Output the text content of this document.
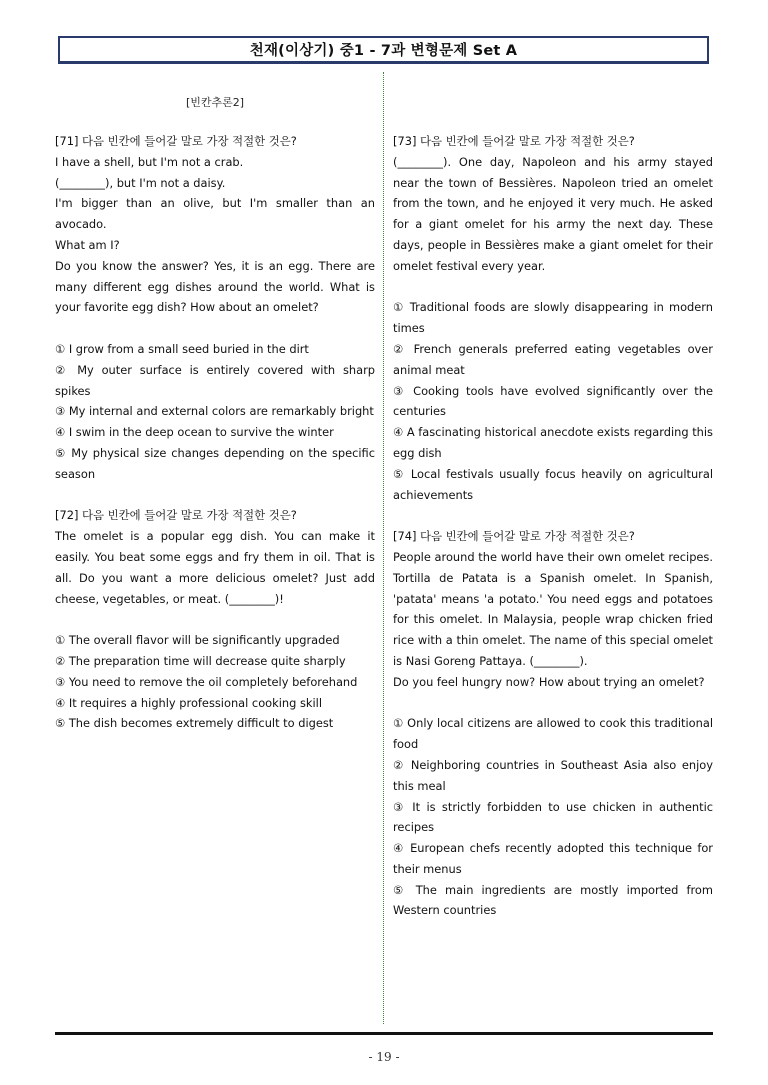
천재(이상기) 중1 - 7과 변형문제 Set A
[빈칸추론2]
[71] 다음 빈칸에 들어갈 말로 가장 적절한 것은?

I have a shell, but I'm not a crab.

(________), but I'm not a daisy.

I'm bigger than an olive, but I'm smaller than an avocado.

What am I?

Do you know the answer? Yes, it is an egg. There are many different egg dishes around the world. What is your favorite egg dish? How about an omelet?

① I grow from a small seed buried in the dirt
② My outer surface is entirely covered with sharp spikes
③ My internal and external colors are remarkably bright
④ I swim in the deep ocean to survive the winter
⑤ My physical size changes depending on the specific season
[72] 다음 빈칸에 들어갈 말로 가장 적절한 것은?

The omelet is a popular egg dish. You can make it easily. You beat some eggs and fry them in oil. That is all. Do you want a more delicious omelet? Just add cheese, vegetables, or meat. (________)!

① The overall flavor will be significantly upgraded
② The preparation time will decrease quite sharply
③ You need to remove the oil completely beforehand
④ It requires a highly professional cooking skill
⑤ The dish becomes extremely difficult to digest
[73] 다음 빈칸에 들어갈 말로 가장 적절한 것은?

(________). One day, Napoleon and his army stayed near the town of Bessières. Napoleon tried an omelet from the town, and he enjoyed it very much. He asked for a giant omelet for his army the next day. These days, people in Bessières make a giant omelet for their omelet festival every year.

① Traditional foods are slowly disappearing in modern times
② French generals preferred eating vegetables over animal meat
③ Cooking tools have evolved significantly over the centuries
④ A fascinating historical anecdote exists regarding this egg dish
⑤ Local festivals usually focus heavily on agricultural achievements
[74] 다음 빈칸에 들어갈 말로 가장 적절한 것은?

People around the world have their own omelet recipes. Tortilla de Patata is a Spanish omelet. In Spanish, 'patata' means 'a potato.' You need eggs and potatoes for this omelet. In Malaysia, people wrap chicken fried rice with a thin omelet. The name of this special omelet is Nasi Goreng Pattaya. (________).

Do you feel hungry now? How about trying an omelet?

① Only local citizens are allowed to cook this traditional food
② Neighboring countries in Southeast Asia also enjoy this meal
③ It is strictly forbidden to use chicken in authentic recipes
④ European chefs recently adopted this technique for their menus
⑤ The main ingredients are mostly imported from Western countries
- 19 -
